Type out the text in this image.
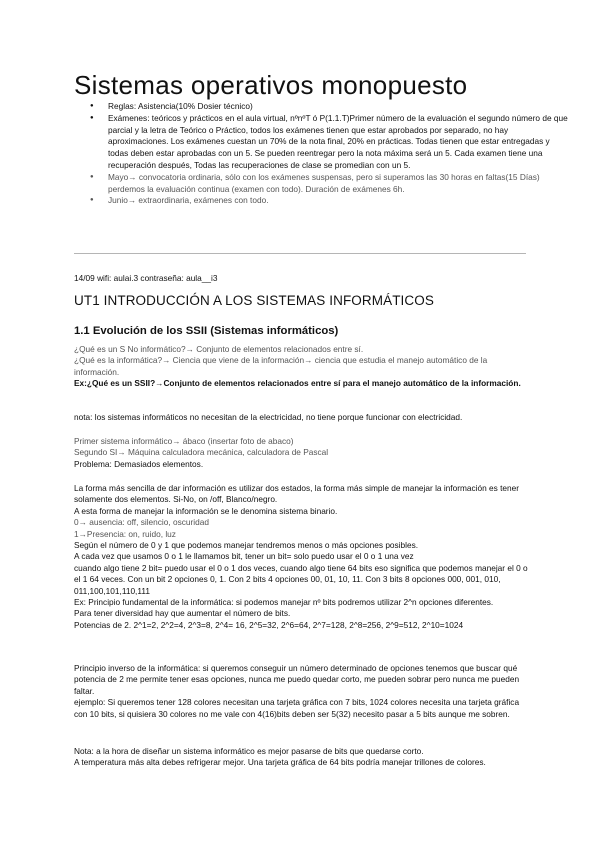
Sistemas operativos monopuesto
● Reglas: Asistencia(10% Dosier técnico)
● Exámenes: teóricos y prácticos en el aula virtual, nºnºT ó P(1.1.T)Primer número de la evaluación el segundo número de que parcial y la letra de Teórico o Práctico, todos los exámenes tienen que estar aprobados por separado, no hay aproximaciones. Los exámenes cuestan un 70% de la nota final, 20% en prácticas. Todas tienen que estar entregadas y todas deben estar aprobadas con un 5. Se pueden reentregar pero la nota máxima será un 5. Cada examen tiene una recuperación después, Todas las recuperaciones de clase se promedian con un 5.
● Mayo→ convocatoria ordinaria, sólo con los exámenes suspensas, pero si superamos las 30 horas en faltas(15 Días) perdemos la evaluación continua (examen con todo). Duración de exámenes 6h.
● Junio→ extraordinaria, exámenes con todo.
14/09 wifi: aulai.3 contraseña: aula__i3
UT1 INTRODUCCIÓN A LOS SISTEMAS INFORMÁTICOS
1.1 Evolución de los SSII (Sistemas informáticos)

¿Qué es un S No informático?→ Conjunto de elementos relacionados entre sí.

¿Qué es la informática?→ Ciencia que viene de la información→ ciencia que estudia el manejo automático de la información.

Ex:¿Qué es un SSII?→Conjunto de elementos relacionados entre sí para el manejo automático de la información.

nota: los sistemas informáticos no necesitan de la electricidad, no tiene porque funcionar con electricidad.

Primer sistema informático→ ábaco (insertar foto de abaco)

Segundo SI→ Máquina calculadora mecánica, calculadora de Pascal

Problema: Demasiados elementos.

La forma más sencilla de dar información es utilizar dos estados, la forma más simple de manejar la información es tener solamente dos elementos. Si-No, on /off, Blanco/negro.

A esta forma de manejar la información se le denomina sistema binario.

0→ ausencia: off, silencio, oscuridad

1→Presencia: on, ruido, luz

Según el número de 0 y 1 que podemos manejar tendremos menos o más opciones posibles.

A cada vez que usamos 0 o 1 le llamamos bit, tener un bit= solo puedo usar el 0 o 1 una vez

cuando algo tiene 2 bit= puedo usar el 0 o 1 dos veces, cuando algo tiene 64 bits eso significa que podemos manejar el 0 o el 1 64 veces. Con un bit 2 opciones 0, 1. Con 2 bits 4 opciones 00, 01, 10, 11. Con 3 bits 8 opciones 000, 001, 010, 011,100,101,110,111

Ex: Principio fundamental de la informática: si podemos manejar nº bits podremos utilizar 2^n opciones diferentes.

Para tener diversidad hay que aumentar el número de bits.

Potencias de 2. 2^1=2, 2^2=4, 2^3=8, 2^4= 16, 2^5=32, 2^6=64, 2^7=128, 2^8=256, 2^9=512, 2^10=1024

Principio inverso de la informática: si queremos conseguir un número determinado de opciones tenemos que buscar qué potencia de 2 me permite tener esas opciones, nunca me puedo quedar corto, me pueden sobrar pero nunca me pueden faltar.

ejemplo: Si queremos tener 128 colores necesitan una tarjeta gráfica con 7 bits, 1024 colores necesita una tarjeta gráfica con 10 bits, si quisiera 30 colores no me vale con 4(16)bits deben ser 5(32) necesito pasar a 5 bits aunque me sobren.

Nota: a la hora de diseñar un sistema informático es mejor pasarse de bits que quedarse corto.

A temperatura más alta debes refrigerar mejor. Una tarjeta gráfica de 64 bits podría manejar trillones de colores.
